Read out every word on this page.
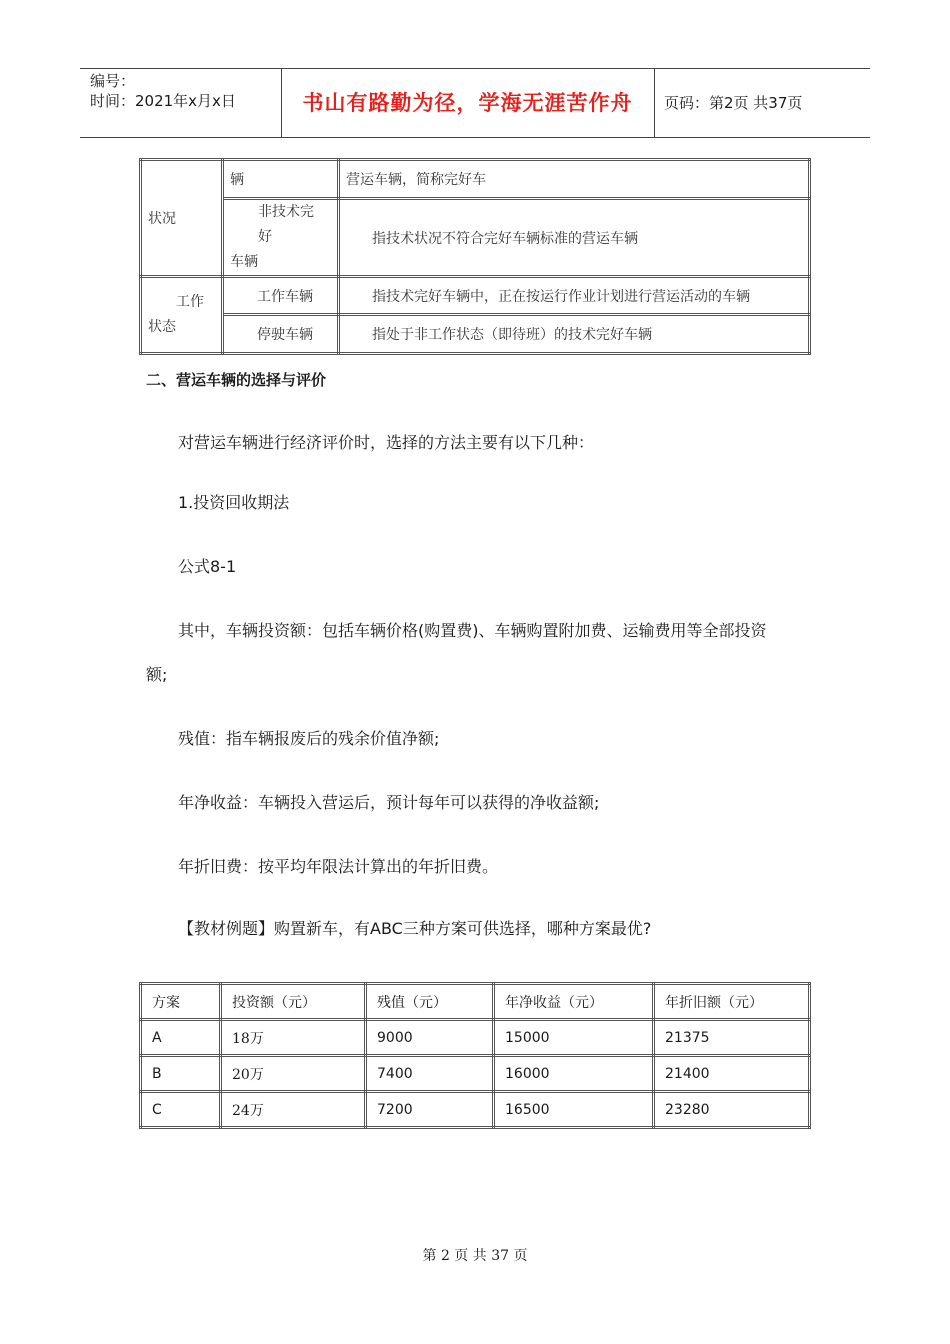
编号：
时间：2021年x月x日	书山有路勤为径，学海无涯苦作舟	页码：第2页 共37页
状况	辆	营运车辆，简称完好车

	非技术完好
车辆	指技术状况不符合完好车辆标准的营运车辆

工作
状态	工作车辆	指技术完好车辆中，正在按运行作业计划进行营运活动的车辆
	停驶车辆	指处于非工作状态（即待班）的技术完好车辆
二、营运车辆的选择与评价
对营运车辆进行经济评价时，选择的方法主要有以下几种：
1.投资回收期法
公式8-1
其中，车辆投资额：包括车辆价格(购置费)、车辆购置附加费、运输费用等全部投资
额;
残值：指车辆报废后的残余价值净额;
年净收益：车辆投入营运后，预计每年可以获得的净收益额;
年折旧费：按平均年限法计算出的年折旧费。
【教材例题】购置新车，有ABC三种方案可供选择，哪种方案最优?
方案	投资额（元）	残值（元）	年净收益（元）	年折旧额（元）
A	18万	9000	15000	21375
B	20万	7400	16000	21400
C	24万	7200	16500	23280
第 2 页 共 37 页
